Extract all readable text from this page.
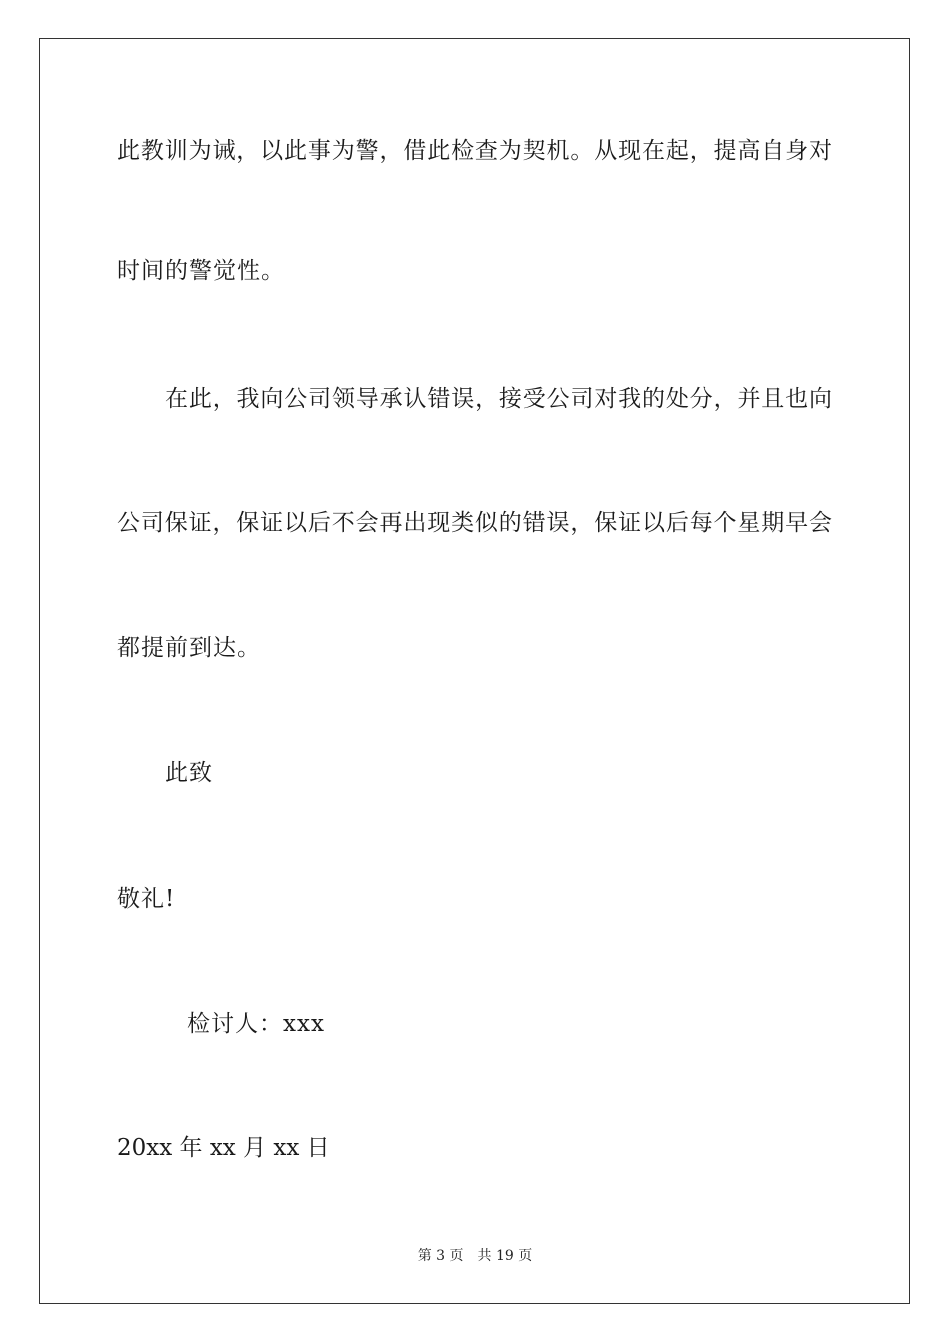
此教训为诫，以此事为警，借此检查为契机。从现在起，提高自身对
时间的警觉性。
在此，我向公司领导承认错误，接受公司对我的处分，并且也向
公司保证，保证以后不会再出现类似的错误，保证以后每个星期早会
都提前到达。
此致
敬礼!
检讨人：xxx
20xx 年 xx 月 xx 日
第 3 页 共 19 页
